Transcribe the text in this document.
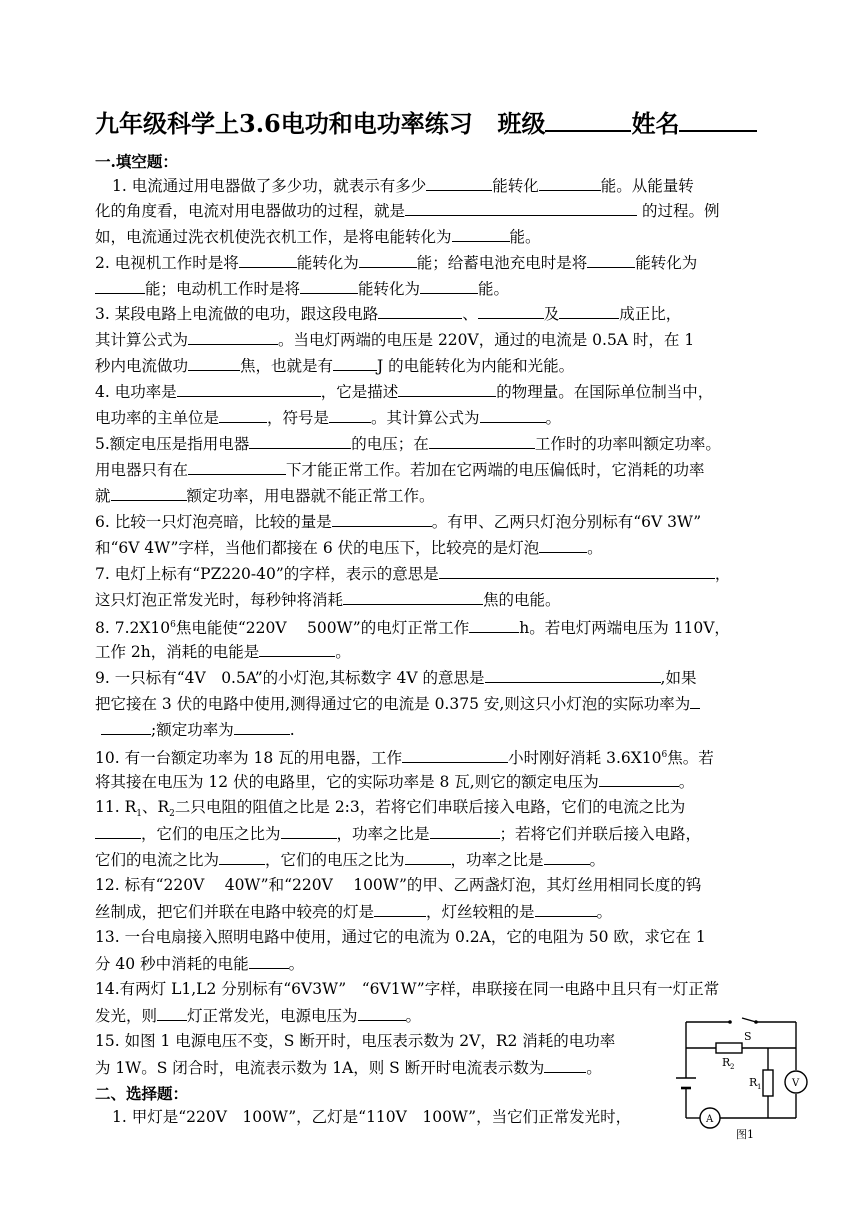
九年级科学上3.6电功和电功率练习 班级	姓名

一.填空题：

1. 电流通过用电器做了多少功，就表示有多少	能转化	能。从能量转

化的角度看，电流对用电器做功的过程，就是	的过程。例

如，电流通过洗衣机使洗衣机工作，是将电能转化为	能。

2. 电视机工作时是将	能转化为	能；给蓄电池充电时是将	能转化为

能；电动机工作时是将	能转化为	能。

3. 某段电路上电流做的电功，跟这段电路	、	及	成正比，

其计算公式为	。当电灯两端的电压是 220V，通过的电流是 0.5A 时，在 1

秒内电流做功	焦，也就是有	J 的电能转化为内能和光能。

4. 电功率是	，它是描述	的物理量。在国际单位制当中，

电功率的主单位是	，符号是	。其计算公式为	。

5.额定电压是指用电器	的电压；在	工作时的功率叫额定功率。

用电器只有在	下才能正常工作。若加在它两端的电压偏低时，它消耗的功率

就	额定功率，用电器就不能正常工作。

6. 比较一只灯泡亮暗，比较的量是	。有甲、乙两只灯泡分别标有“6V 3W”

和“6V 4W”字样，当他们都接在 6 伏的电压下，比较亮的是灯泡	。

7. 电灯上标有“PZ220-40”的字样，表示的意思是	，

这只灯泡正常发光时，每秒钟将消耗	焦的电能。

8. $7.2X10^6$焦电能使“220V　 500W”的电灯正常工作	h。若电灯两端电压为 110V，

工作 2h，消耗的电能是	。

9. 一只标有“4V　0.5A”的小灯泡,其标数字 4V 的意思是	,如果

把它接在 3 伏的电路中使用,测得通过它的电流是 0.375 安,则这只小灯泡的实际功率为

;额定功率为	.

10. 有一台额定功率为 18 瓦的用电器，工作	小时刚好消耗 $3.6X10^6$焦。若

将其接在电压为 12 伏的电路里，它的实际功率是 8 瓦,则它的额定电压为	。

11. $R_1$、$R_2$二只电阻的阻值之比是 2:3，若将它们串联后接入电路，它们的电流之比为

，它们的电压之比为	，功率之比是	；若将它们并联后接入电路，

它们的电流之比为	，它们的电压之比为	，功率之比是	。

12. 标有“220V　 40W”和“220V　 100W”的甲、乙两盏灯泡，其灯丝用相同长度的钨

丝制成，把它们并联在电路中较亮的灯是	，灯丝较粗的是	。

13. 一台电扇接入照明电路中使用，通过它的电流为 0.2A，它的电阻为 50 欧，求它在 1

分 40 秒中消耗的电能	。

14.有两灯 L1,L2 分别标有“6V3W”　“6V1W”字样，串联接在同一电路中且只有一灯正常

发光，则 灯正常发光，电源电压为	。

15. 如图 1 电源电压不变，S 断开时，电压表示数为 2V，R2 消耗的电功率

为 1W。S 闭合时，电流表示数为 1A，则 S 断开时电流表示数为	。

二、选择题：

1. 甲灯是“220V　100W”，乙灯是“110V　100W”，当它们正常发光时，

S
R 2
R 1	V
A
图1
